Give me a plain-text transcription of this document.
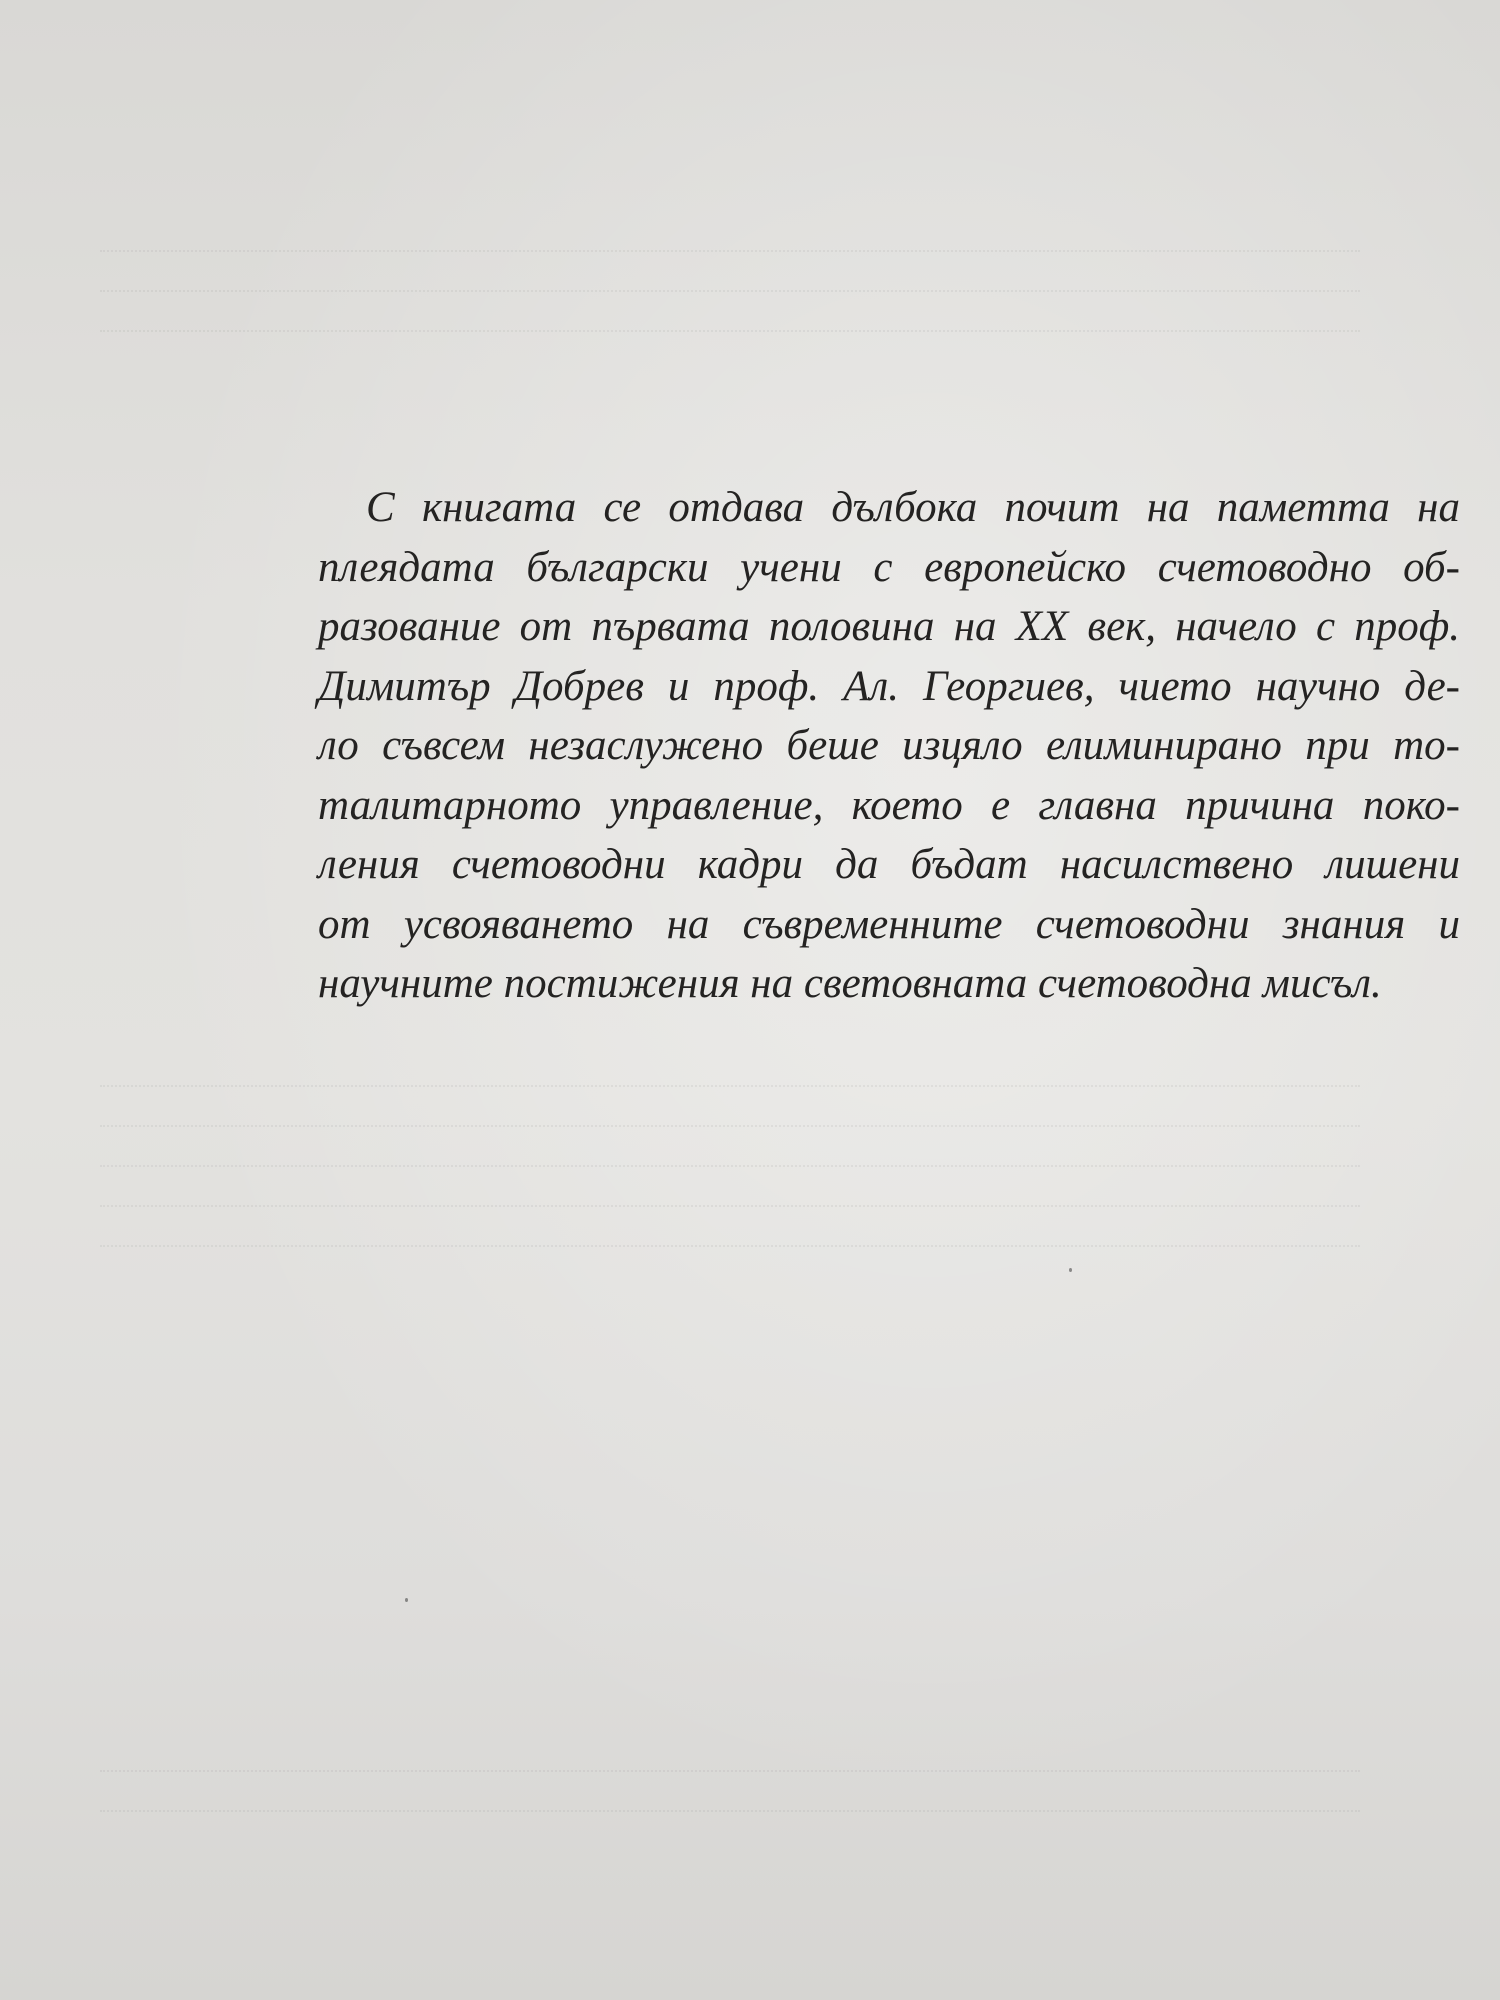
С книгата се отдава дълбока почит на паметта на
плеядата български учени с европейско счетоводно об-
разование от първата половина на XX век, начело с проф.
Димитър Добрев и проф. Ал. Георгиев, чието научно де-
ло съвсем незаслужено беше изцяло елиминирано при то-
талитарното управление, което е главна причина поко-
ления счетоводни кадри да бъдат насилствено лишени
от усвояването на съвременните счетоводни знания и
научните постижения на световната счетоводна мисъл.
